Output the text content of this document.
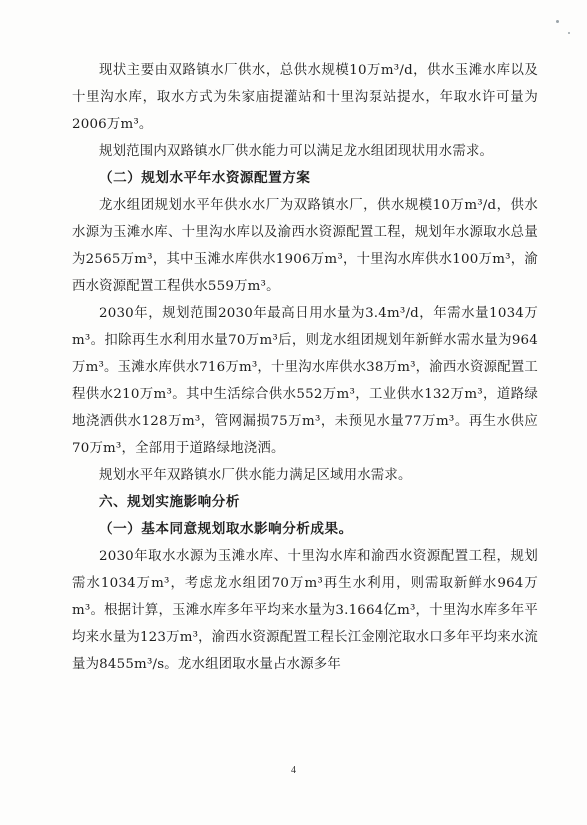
现状主要由双路镇水厂供水，总供水规模10万m³/d，供水玉滩水库以及十里沟水库，取水方式为朱家庙提灌站和十里沟泵站提水，年取水许可量为2006万m³。

规划范围内双路镇水厂供水能力可以满足龙水组团现状用水需求。

（二）规划水平年水资源配置方案

龙水组团规划水平年供水水厂为双路镇水厂，供水规模10万m³/d，供水水源为玉滩水库、十里沟水库以及渝西水资源配置工程，规划年水源取水总量为2565万m³，其中玉滩水库供水1906万m³，十里沟水库供水100万m³，渝西水资源配置工程供水559万m³。

2030年，规划范围2030年最高日用水量为3.4m³/d，年需水量1034万m³。扣除再生水利用水量70万m³后，则龙水组团规划年新鲜水需水量为964万m³。玉滩水库供水716万m³，十里沟水库供水38万m³，渝西水资源配置工程供水210万m³。其中生活综合供水552万m³，工业供水132万m³，道路绿地浇洒供水128万m³，管网漏损75万m³，未预见水量77万m³。再生水供应70万m³，全部用于道路绿地浇洒。

规划水平年双路镇水厂供水能力满足区域用水需求。

六、规划实施影响分析

（一）基本同意规划取水影响分析成果。

2030年取水水源为玉滩水库、十里沟水库和渝西水资源配置工程，规划需水1034万m³，考虑龙水组团70万m³再生水利用，则需取新鲜水964万m³。根据计算，玉滩水库多年平均来水量为3.1664亿m³，十里沟水库多年平均来水量为123万m³，渝西水资源配置工程长江金刚沱取水口多年平均来水流量为8455m³/s。龙水组团取水量占水源多年

4
